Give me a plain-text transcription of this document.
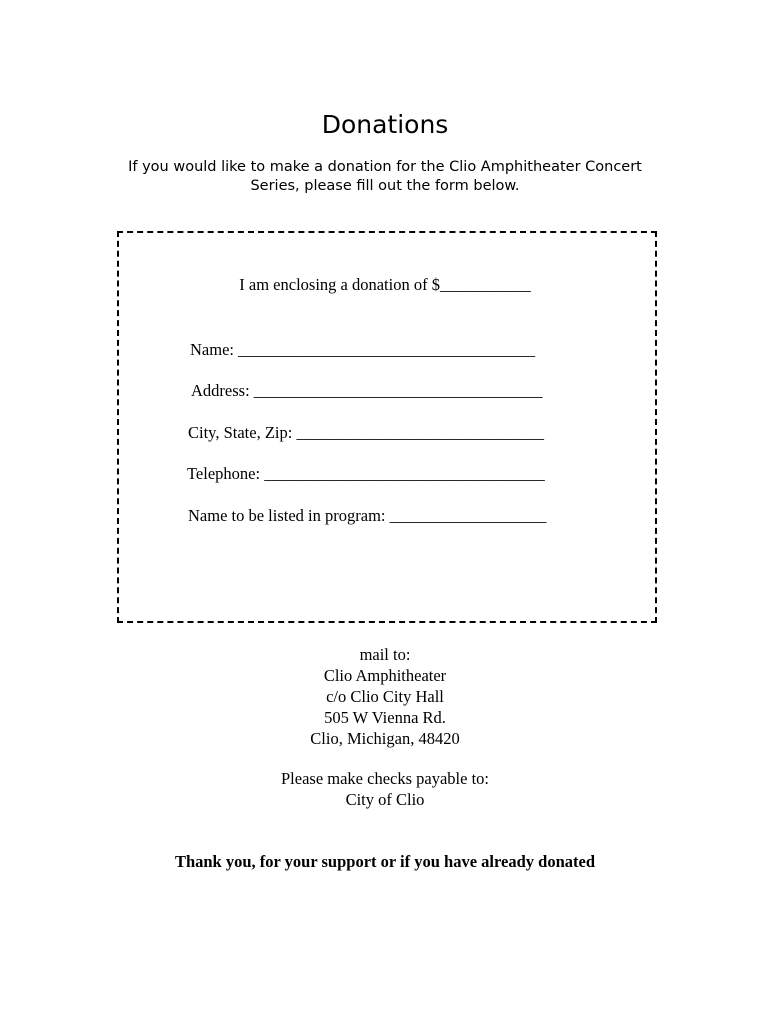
Donations
If you would like to make a donation for the Clio Amphitheater Concert Series, please fill out the form below.
I am enclosing a donation of $___________
Name: ____________________________________
Address: ___________________________________
City, State, Zip: ______________________________
Telephone: __________________________________
Name to be listed in program: ___________________
mail to:
Clio Amphitheater
c/o Clio City Hall
505 W Vienna Rd.
Clio, Michigan, 48420
Please make checks payable to:
City of Clio
Thank you, for your support or if you have already donated
